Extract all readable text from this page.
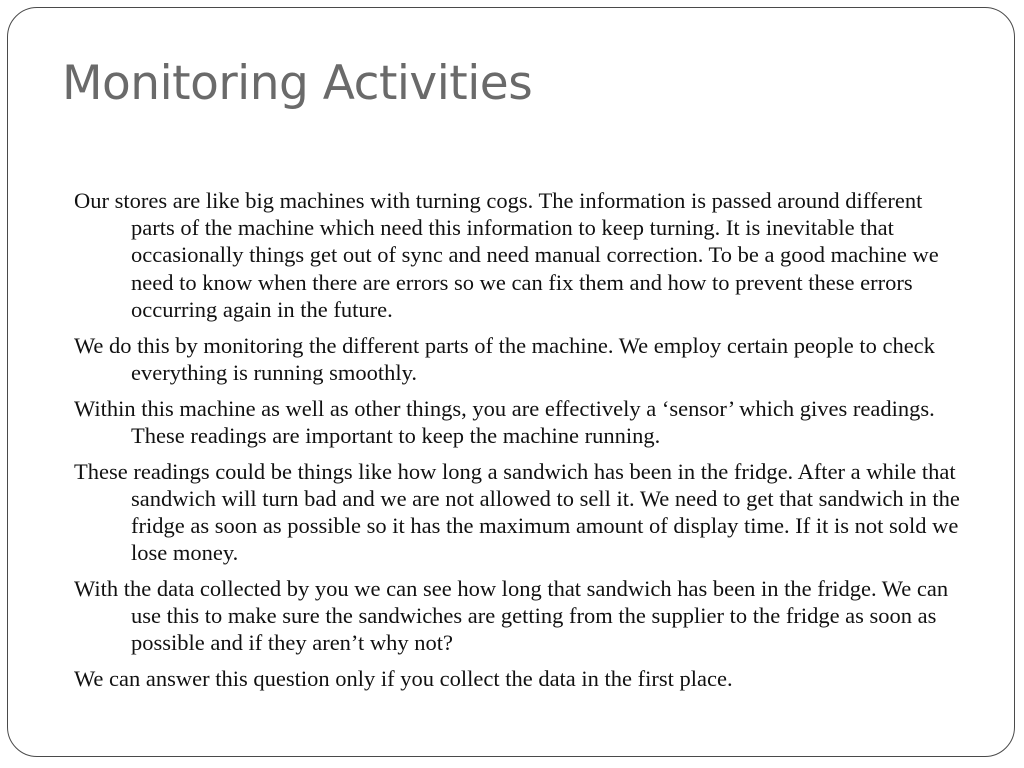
Monitoring Activities
Our stores are like big machines with turning cogs. The information is passed around different parts of the machine which need this information to keep turning. It is inevitable that occasionally things get out of sync and need manual correction. To be a good machine we need to know when there are errors so we can fix them and how to prevent these errors occurring again in the future.
We do this by monitoring the different parts of the machine. We employ certain people to check everything is running smoothly.
Within this machine as well as other things, you are effectively a ‘sensor’ which gives readings. These readings are important to keep the machine running.
These readings could be things like how long a sandwich has been in the fridge. After a while that sandwich will turn bad and we are not allowed to sell it. We need to get that sandwich in the fridge as soon as possible so it has the maximum amount of display time. If it is not sold we lose money.
With the data collected by you we can see how long that sandwich has been in the fridge. We can use this to make sure the sandwiches are getting from the supplier to the fridge as soon as possible and if they aren’t why not?
We can answer this question only if you collect the data in the first place.
